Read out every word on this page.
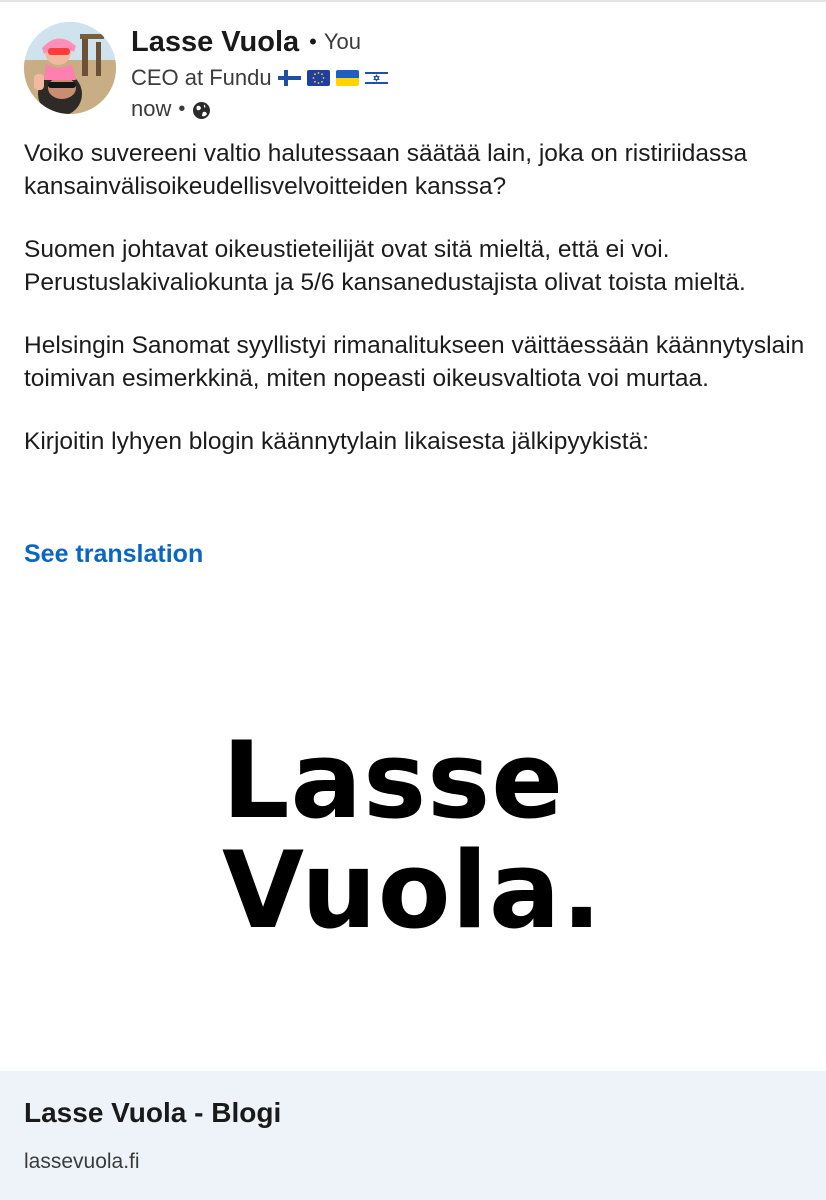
Lasse Vuola • You
CEO at Fundu
now •

Voiko suvereeni valtio halutessaan säätää lain, joka on ristiriidassa kansainvälisoikeudellisvelvoitteiden kanssa?

Suomen johtavat oikeustieteilijät ovat sitä mieltä, että ei voi. Perustuslakivaliokunta ja 5/6 kansanedustajista olivat toista mieltä.

Helsingin Sanomat syyllistyi rimanalitukseen väittäessään käännytyslain toimivan esimerkkinä, miten nopeasti oikeusvaltiota voi murtaa.

Kirjoitin lyhyen blogin käännytylain likaisesta jälkipyykistä:

See translation
Lasse
Vuola.
Lasse Vuola - Blogi
lassevuola.fi
